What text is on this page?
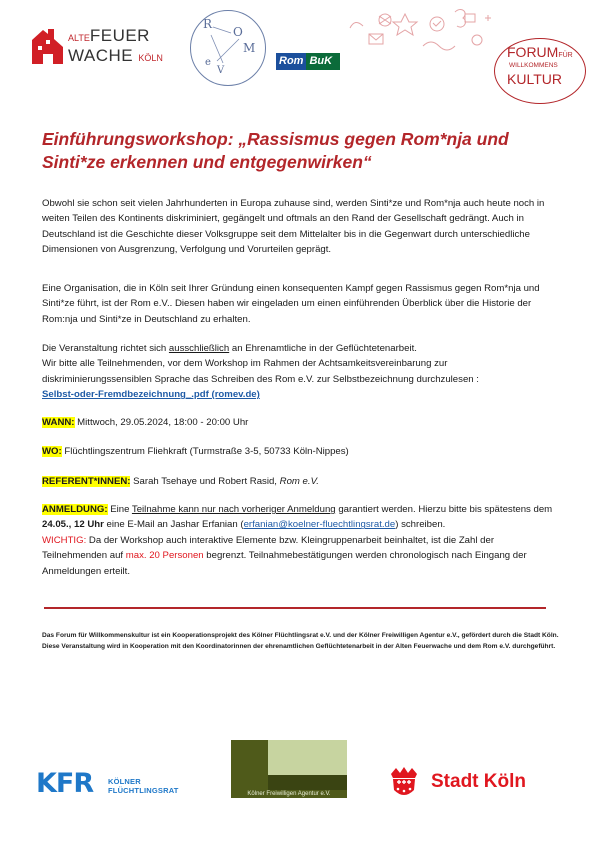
ALTEFEUER
WACHE KÖLN
R
O
M
e
V
Rom BuK
FORUMFÜR
WILLKOMMENS
KULTUR
Einführungsworkshop: „Rassismus gegen Rom*nja und Sinti*ze erkennen und entgegenwirken“
Obwohl sie schon seit vielen Jahrhunderten in Europa zuhause sind, werden Sinti*ze und Rom*nja auch heute noch in weiten Teilen des Kontinents diskriminiert, gegängelt und oftmals an den Rand der Gesellschaft gedrängt. Auch in Deutschland ist die Geschichte dieser Volksgruppe seit dem Mittelalter bis in die Gegenwart durch unterschiedliche Dimensionen von Ausgrenzung, Verfolgung und Vorurteilen geprägt.
Eine Organisation, die in Köln seit Ihrer Gründung einen konsequenten Kampf gegen Rassismus gegen Rom*nja und Sinti*ze führt, ist der Rom e.V.. Diesen haben wir eingeladen um einen einführenden Überblick über die Historie der Rom:nja und Sinti*ze in Deutschland zu erhalten.
Die Veranstaltung richtet sich ausschließlich an Ehrenamtliche in der Geflüchtetenarbeit.
Wir bitte alle Teilnehmenden, vor dem Workshop im Rahmen der Achtsamkeitsvereinbarung zur diskriminierungssensiblen Sprache das Schreiben des Rom e.V. zur Selbstbezeichnung durchzulesen :
Selbst-oder-Fremdbezeichnung_.pdf (romev.de)
WANN: Mittwoch, 29.05.2024, 18:00 - 20:00 Uhr
WO: Flüchtlingszentrum Fliehkraft (Turmstraße 3-5, 50733 Köln-Nippes)
REFERENT*INNEN: Sarah Tsehaye und Robert Rasid, Rom e.V.
ANMELDUNG: Eine Teilnahme kann nur nach vorheriger Anmeldung garantiert werden. Hierzu bitte bis spätestens dem 24.05., 12 Uhr eine E-Mail an Jashar Erfanian (erfanian@koelner-fluechtlingsrat.de) schreiben.
WICHTIG: Da der Workshop auch interaktive Elemente bzw. Kleingruppenarbeit beinhaltet, ist die Zahl der Teilnehmenden auf max. 20 Personen begrenzt. Teilnahmebestätigungen werden chronologisch nach Eingang der Anmeldungen erteilt.
Das Forum für Willkommenskultur ist ein Kooperationsprojekt des Kölner Flüchtlingsrat e.V. und der Kölner Freiwilligen Agentur e.V., gefördert durch die Stadt Köln. Diese Veranstaltung wird in Kooperation mit den Koordinatorinnen der ehrenamtlichen Geflüchtetenarbeit in der Alten Feuerwache und dem Rom e.V. durchgeführt.
KFR KÖLNER
FLÜCHTLINGSRAT	Kölner Freiwilligen Agentur e.V.
Stadt Köln
